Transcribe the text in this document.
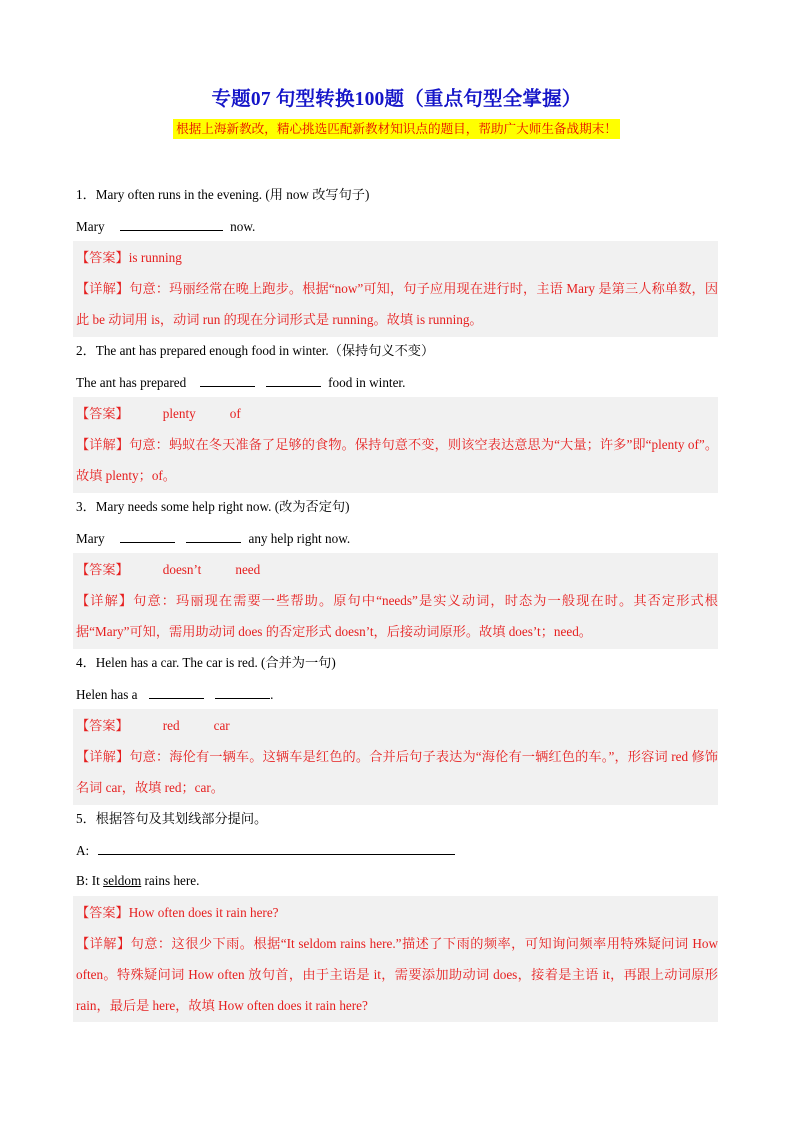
专题07 句型转换100题（重点句型全掌握）
根据上海新教改，精心挑选匹配新教材知识点的题目，帮助广大师生备战期末！
1．Mary often runs in the evening. (用 now 改写句子)
Mary	now.
【答案】is running
【详解】句意：玛丽经常在晚上跑步。根据“now”可知，句子应用现在进行时，主语 Mary 是第三人称单数，因此 be 动词用 is，动词 run 的现在分词形式是 running。故填 is running。
2．The ant has prepared enough food in winter.（保持句义不变）
The ant has prepared	food in winter.
【答案】	plenty	of
【详解】句意：蚂蚁在冬天准备了足够的食物。保持句意不变，则该空表达意思为“大量；许多”即“plenty of”。故填 plenty；of。
3．Mary needs some help right now. (改为否定句)
Mary	any help right now.
【答案】	doesn’t	need
【详解】句意：玛丽现在需要一些帮助。原句中“needs”是实义动词，时态为一般现在时。其否定形式根据“Mary”可知，需用助动词 does 的否定形式 doesn’t，后接动词原形。故填 does’t；need。
4．Helen has a car. The car is red. (合并为一句)
Helen has a	.
【答案】	red	car
【详解】句意：海伦有一辆车。这辆车是红色的。合并后句子表达为“海伦有一辆红色的车。”，形容词 red 修饰名词 car，故填 red；car。
5．根据答句及其划线部分提问。
A:
B: It seldom rains here.
【答案】How often does it rain here?
【详解】句意：这很少下雨。根据“It seldom rains here.”描述了下雨的频率，可知询问频率用特殊疑问词 How often。特殊疑问词 How often 放句首，由于主语是 it，需要添加助动词 does，接着是主语 it，再跟上动词原形 rain，最后是 here，故填 How often does it rain here?
